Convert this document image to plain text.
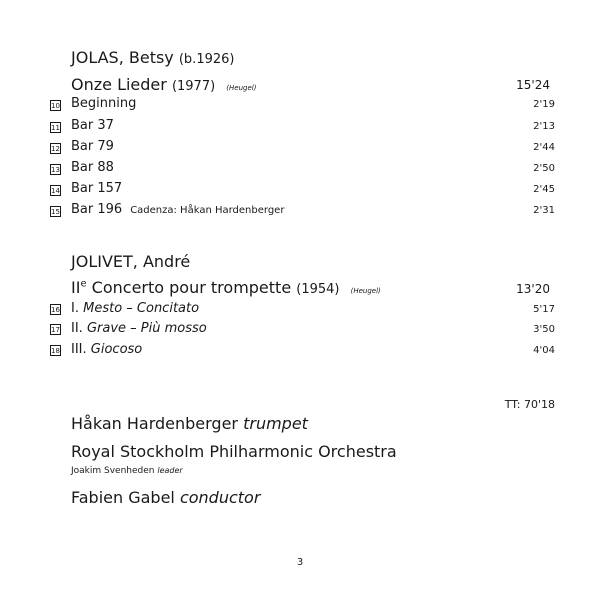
JOLAS, Betsy (b.1926)
Onze Lieder (1977) (Heugel)	15'24
10 Beginning	2'19
11 Bar 37	2'13
12 Bar 79	2'44
13 Bar 88	2'50
14 Bar 157	2'45
15 Bar 196 Cadenza: Håkan Hardenberger	2'31
JOLIVET, André
IIe Concerto pour trompette (1954) (Heugel)	13'20
16 I. Mesto – Concitato	5'17
17 II. Grave – Più mosso	3'50
18 III. Giocoso	4'04
TT: 70'18
Håkan Hardenberger trumpet
Royal Stockholm Philharmonic Orchestra
Joakim Svenheden leader
Fabien Gabel conductor
3
